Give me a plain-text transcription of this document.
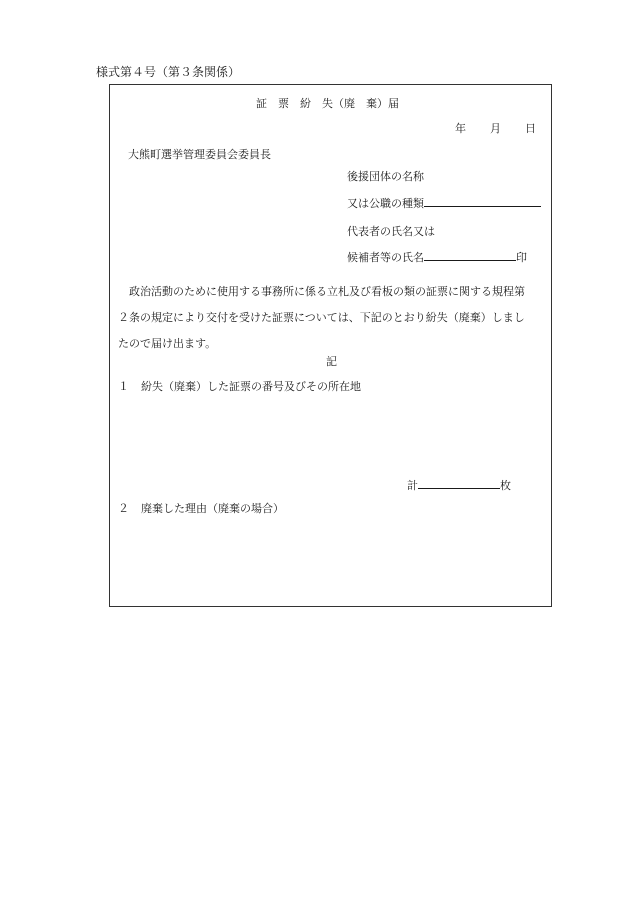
様式第４号（第３条関係）
証　票　紛　失（廃　棄）届
年 月 日
大熊町選挙管理委員会委員長
後援団体の名称
又は公職の種類
代表者の氏名又は
候補者等の氏名	印
政治活動のために使用する事務所に係る立札及び看板の類の証票に関する規程第
２条の規定により交付を受けた証票については、下記のとおり紛失（廃棄）しまし
たので届け出ます。
記
１ 紛失（廃棄）した証票の番号及びその所在地
計	枚
２ 廃棄した理由（廃棄の場合）
